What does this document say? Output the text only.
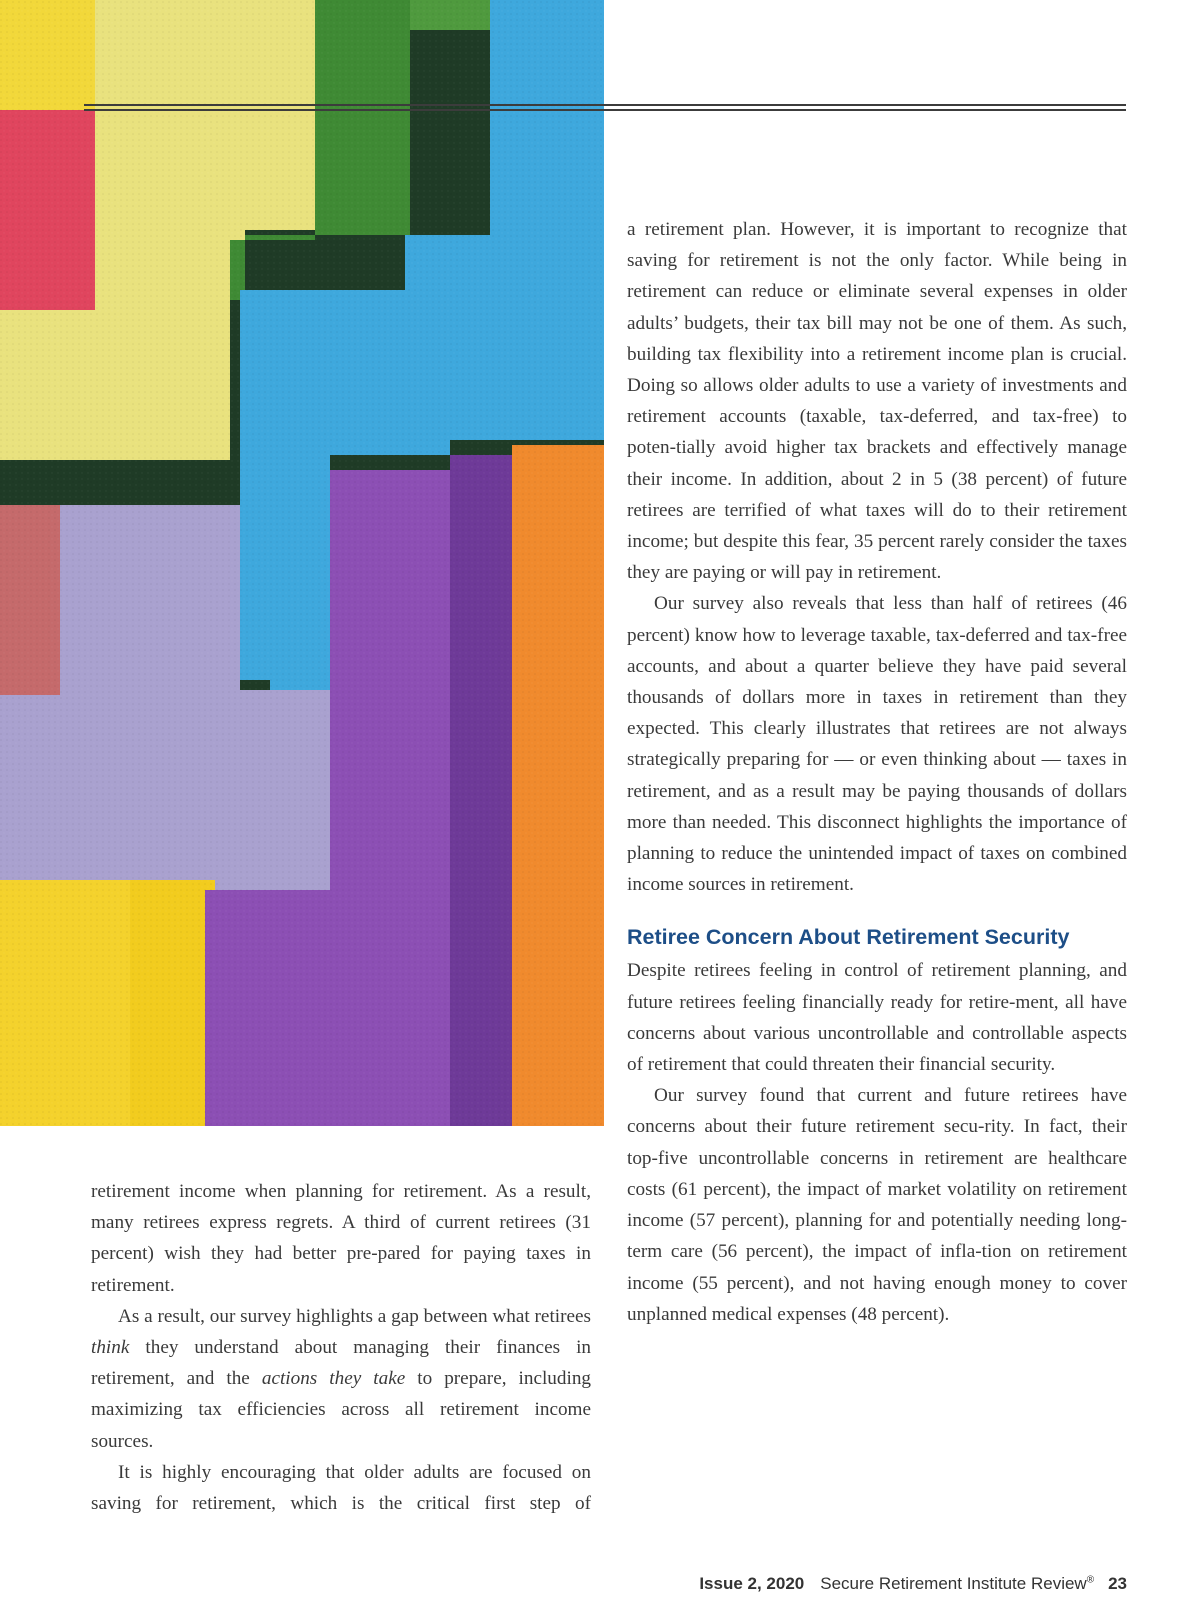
retirement income when planning for retirement. As a result, many retirees express regrets. A third of current retirees (31 percent) wish they had better pre-pared for paying taxes in retirement.

As a result, our survey highlights a gap between what retirees think they understand about managing their finances in retirement, and the actions they take to prepare, including maximizing tax efficiencies across all retirement income sources.

It is highly encouraging that older adults are focused on saving for retirement, which is the critical first step of

a retirement plan. However, it is important to recognize that saving for retirement is not the only factor. While being in retirement can reduce or eliminate several expenses in older adults’ budgets, their tax bill may not be one of them. As such, building tax flexibility into a retirement income plan is crucial. Doing so allows older adults to use a variety of investments and retirement accounts (taxable, tax-deferred, and tax-free) to poten-tially avoid higher tax brackets and effectively manage their income. In addition, about 2 in 5 (38 percent) of future retirees are terrified of what taxes will do to their retirement income; but despite this fear, 35 percent rarely consider the taxes they are paying or will pay in retirement.

Our survey also reveals that less than half of retirees (46 percent) know how to leverage taxable, tax-deferred and tax-free accounts, and about a quarter believe they have paid several thousands of dollars more in taxes in retirement than they expected. This clearly illustrates that retirees are not always strategically preparing for — or even thinking about — taxes in retirement, and as a result may be paying thousands of dollars more than needed. This disconnect highlights the importance of planning to reduce the unintended impact of taxes on combined income sources in retirement.

Retiree Concern About Retirement Security

Despite retirees feeling in control of retirement planning, and future retirees feeling financially ready for retire-ment, all have concerns about various uncontrollable and controllable aspects of retirement that could threaten their financial security.

Our survey found that current and future retirees have concerns about their future retirement secu-rity. In fact, their top-five uncontrollable concerns in retirement are healthcare costs (61 percent), the impact of market volatility on retirement income (57 percent), planning for and potentially needing long-term care (56 percent), the impact of infla-tion on retirement income (55 percent), and not having enough money to cover unplanned medical expenses (48 percent).

Issue 2, 2020 Secure Retirement Institute Review® 23
